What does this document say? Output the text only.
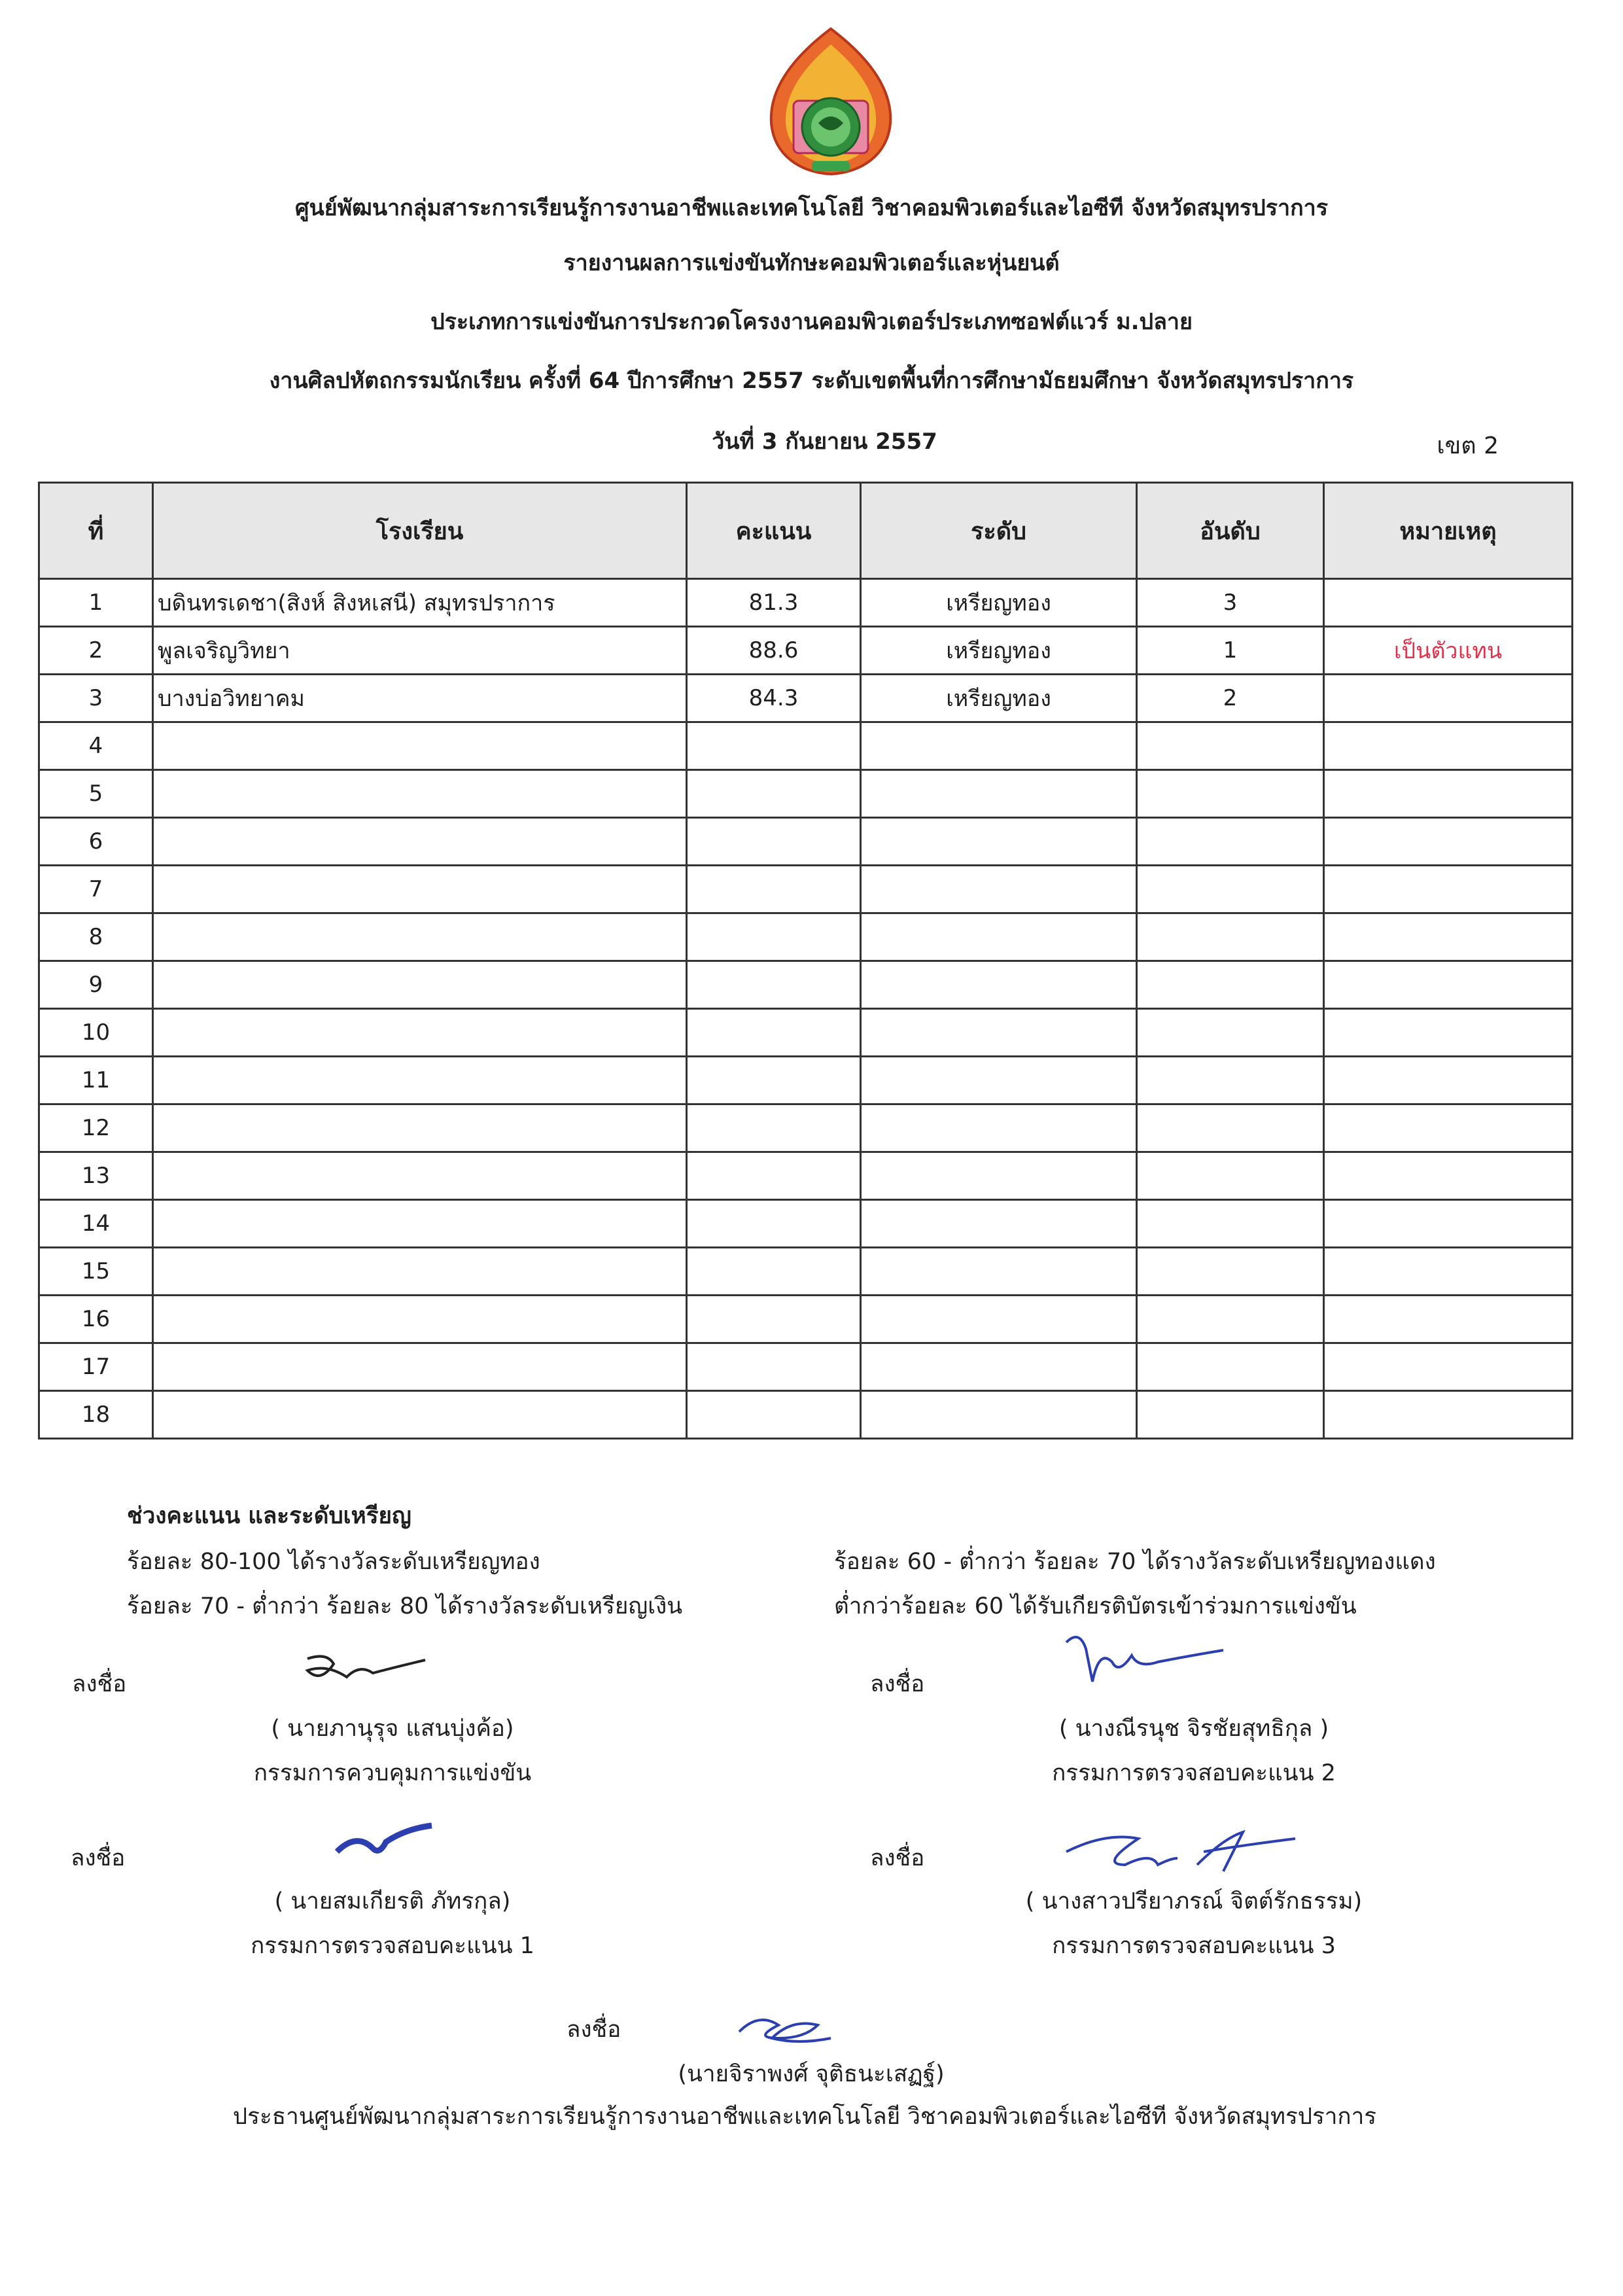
ศูนย์พัฒนากลุ่มสาระการเรียนรู้การงานอาชีพและเทคโนโลยี วิชาคอมพิวเตอร์และไอซีที จังหวัดสมุทรปราการ
รายงานผลการแข่งขันทักษะคอมพิวเตอร์และหุ่นยนต์
ประเภทการแข่งขันการประกวดโครงงานคอมพิวเตอร์ประเภทซอฟต์แวร์ ม.ปลาย
งานศิลปหัตถกรรมนักเรียน ครั้งที่ 64 ปีการศึกษา 2557 ระดับเขตพื้นที่การศึกษามัธยมศึกษา จังหวัดสมุทรปราการ
วันที่ 3 กันยายน 2557	เขต 2
ที่	โรงเรียน	คะแนน	ระดับ	อันดับ	หมายเหตุ
1	บดินทรเดชา(สิงห์ สิงหเสนี) สมุทรปราการ	81.3	เหรียญทอง	3	
2	พูลเจริญวิทยา	88.6	เหรียญทอง	1	เป็นตัวแทน
3	บางบ่อวิทยาคม	84.3	เหรียญทอง	2	
4					
5					
6					
7					
8					
9					
10					
11					
12					
13					
14					
15					
16					
17					
18					
ช่วงคะแนน และระดับเหรียญ
ร้อยละ 80-100 ได้รางวัลระดับเหรียญทอง
ร้อยละ 70 - ต่ำกว่า ร้อยละ 80 ได้รางวัลระดับเหรียญเงิน
ร้อยละ 60 - ต่ำกว่า ร้อยละ 70 ได้รางวัลระดับเหรียญทองแดง
ต่ำกว่าร้อยละ 60 ได้รับเกียรติบัตรเข้าร่วมการแข่งขัน
ลงชื่อ
( นายภานุรุจ แสนบุ่งค้อ)
กรรมการควบคุมการแข่งขัน
ลงชื่อ
( นางณีรนุช จิรชัยสุทธิกุล )
กรรมการตรวจสอบคะแนน 2
ลงชื่อ
( นายสมเกียรติ ภัทรกุล)
กรรมการตรวจสอบคะแนน 1
ลงชื่อ
( นางสาวปรียาภรณ์ จิตต์รักธรรม)
กรรมการตรวจสอบคะแนน 3
ลงชื่อ
(นายจิราพงศ์ จุติธนะเสฏฐ์)
ประธานศูนย์พัฒนากลุ่มสาระการเรียนรู้การงานอาชีพและเทคโนโลยี วิชาคอมพิวเตอร์และไอซีที จังหวัดสมุทรปราการ
